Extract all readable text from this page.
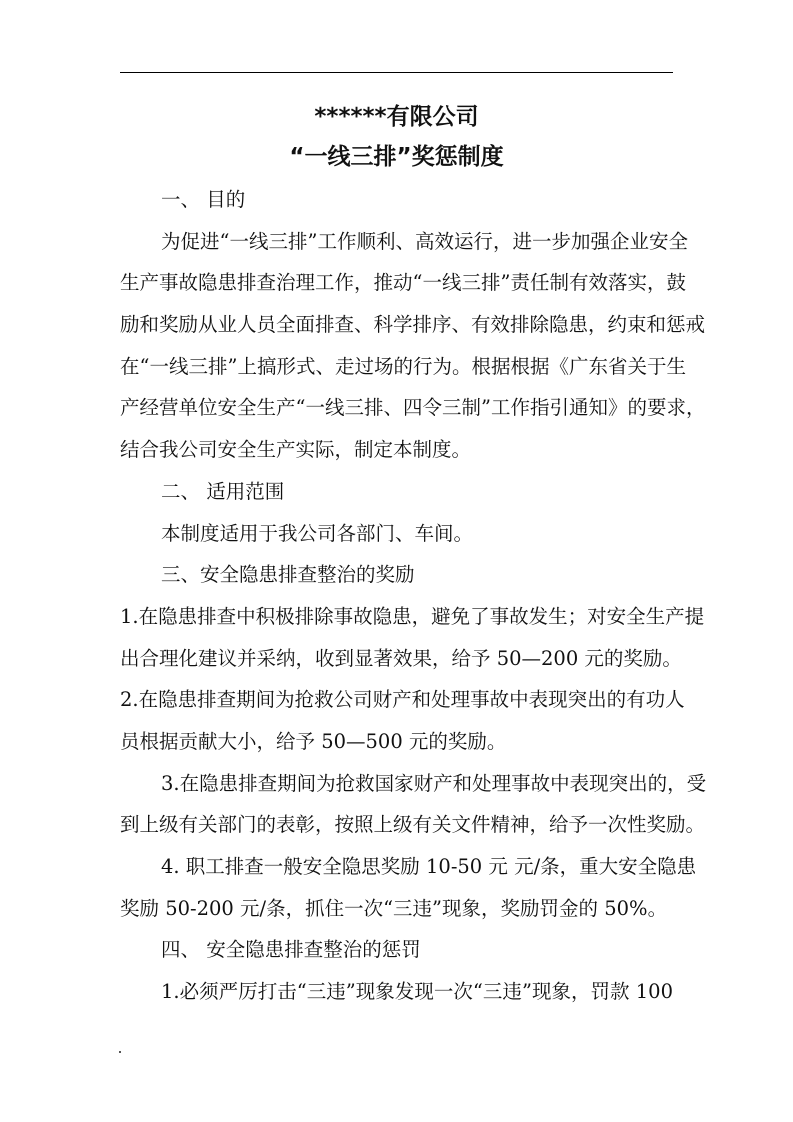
******有限公司
“一线三排”奖惩制度
一、 目的
为促进“一线三排”工作顺利、高效运行，进一步加强企业安全
生产事故隐患排查治理工作，推动“一线三排”责任制有效落实，鼓
励和奖励从业人员全面排查、科学排序、有效排除隐患，约束和惩戒
在“一线三排”上搞形式、走过场的行为。根据根据《广东省关于生
产经营单位安全生产“一线三排、四令三制”工作指引通知》的要求，
结合我公司安全生产实际，制定本制度。
二、 适用范围
本制度适用于我公司各部门、车间。
三、安全隐患排查整治的奖励
1.在隐患排查中积极排除事故隐患，避免了事故发生；对安全生产提
出合理化建议并采纳，收到显著效果，给予 50—200 元的奖励。
2.在隐患排查期间为抢救公司财产和处理事故中表现突出的有功人
员根据贡献大小，给予 50—500 元的奖励。
3.在隐患排查期间为抢救国家财产和处理事故中表现突出的，受
到上级有关部门的表彰，按照上级有关文件精神，给予一次性奖励。
4. 职工排查一般安全隐思奖励 10-50 元 元/条，重大安全隐患
奖励 50-200 元/条，抓住一次“三违”现象，奖励罚金的 50%。
四、 安全隐患排查整治的惩罚
1.必须严厉打击“三违”现象发现一次“三违”现象，罚款 100
